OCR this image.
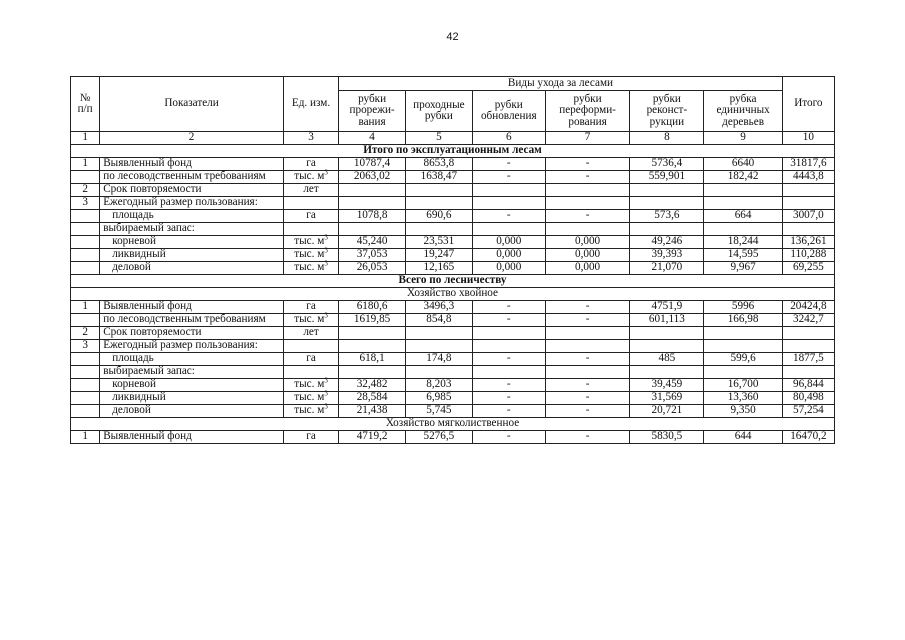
42
№ п/п	Показатели	Ед. изм.	Виды ухода за лесами						Итого
			рубки прорежи-вания	проходные рубки	рубки обновления	рубки переформи-рования	рубки реконст-рукции	рубка единичных деревьев	
1	2	3	4	5	6	7	8	9	10
Итого по эксплуатационным лесам									
1	Выявленный фонд	га	10787,4	8653,8	-	-	5736,4	6640	31817,6
	по лесоводственным требованиям	тыс. $м^3$	2063,02	1638,47	-	-	559,901	182,42	4443,8
2	Срок повторяемости	лет							
3	Ежегодный размер пользования:								
	площадь	га	1078,8	690,6	-	-	573,6	664	3007,0
	выбираемый запас:								
	корневой	тыс. $м^3$	45,240	23,531	0,000	0,000	49,246	18,244	136,261
	ликвидный	тыс. $м^3$	37,053	19,247	0,000	0,000	39,393	14,595	110,288
	деловой	тыс. $м^3$	26,053	12,165	0,000	0,000	21,070	9,967	69,255
Всего по лесничеству									
Хозяйство хвойное									
1	Выявленный фонд	га	6180,6	3496,3	-	-	4751,9	5996	20424,8
	по лесоводственным требованиям	тыс. $м^3$	1619,85	854,8	-	-	601,113	166,98	3242,7
2	Срок повторяемости	лет							
3	Ежегодный размер пользования:								
	площадь	га	618,1	174,8	-	-	485	599,6	1877,5
	выбираемый запас:								
	корневой	тыс. $м^3$	32,482	8,203	-	-	39,459	16,700	96,844
	ликвидный	тыс. $м^3$	28,584	6,985	-	-	31,569	13,360	80,498
	деловой	тыс. $м^3$	21,438	5,745	-	-	20,721	9,350	57,254
Хозяйство мягколиственное									
1	Выявленный фонд	га	4719,2	5276,5	-	-	5830,5	644	16470,2
